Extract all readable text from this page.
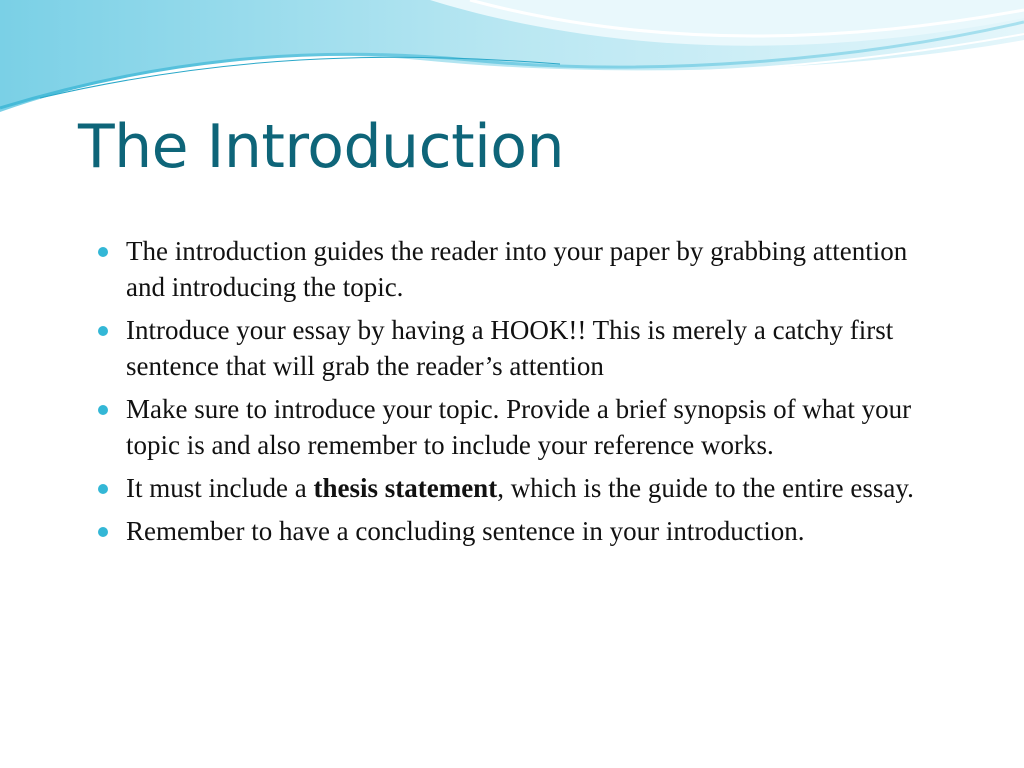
The Introduction
The introduction guides the reader into your paper by grabbing attention and introducing the topic.
Introduce your essay by having a HOOK!! This is merely a catchy first sentence that will grab the reader’s attention
Make sure to introduce your topic. Provide a brief synopsis of what your topic is and also remember to include your reference works.
It must include a thesis statement, which is the guide to the entire essay.
Remember to have a concluding sentence in your introduction.
